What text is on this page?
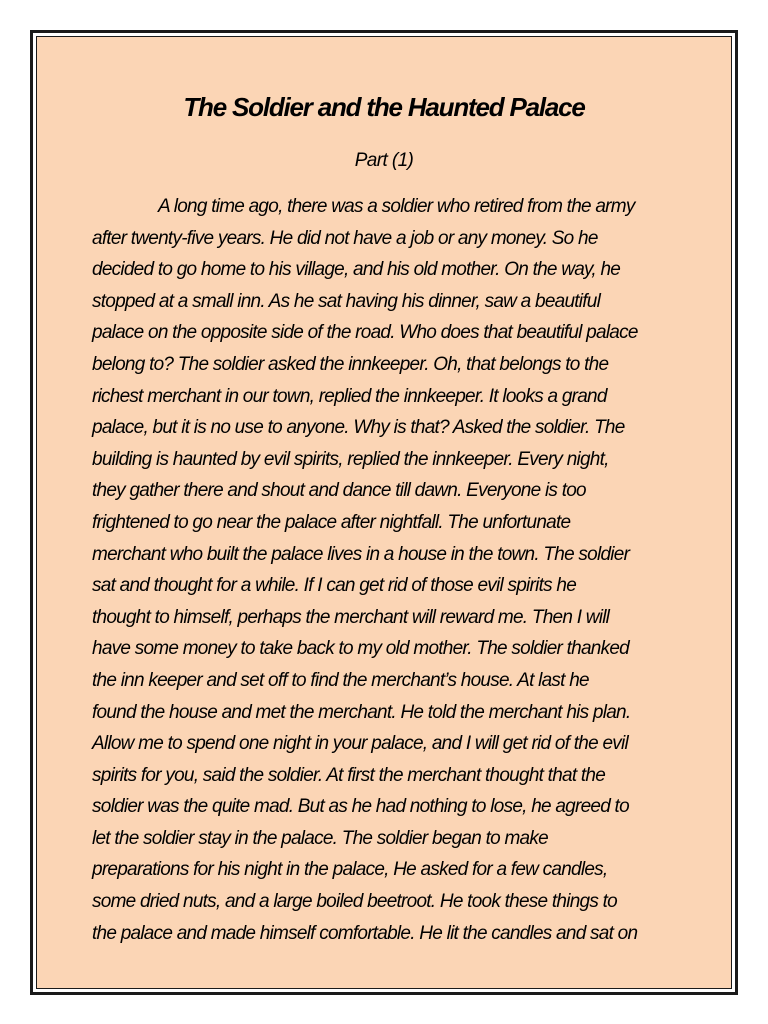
The Soldier and the Haunted Palace

Part (1)

A long time ago, there was a soldier who retired from the army
after twenty-five years. He did not have a job or any money. So he
decided to go home to his village, and his old mother. On the way, he
stopped at a small inn. As he sat having his dinner, saw a beautiful
palace on the opposite side of the road. Who does that beautiful palace
belong to? The soldier asked the innkeeper. Oh, that belongs to the
richest merchant in our town, replied the innkeeper. It looks a grand
palace, but it is no use to anyone. Why is that? Asked the soldier. The
building is haunted by evil spirits, replied the innkeeper. Every night,
they gather there and shout and dance till dawn. Everyone is too
frightened to go near the palace after nightfall. The unfortunate
merchant who built the palace lives in a house in the town. The soldier
sat and thought for a while. If I can get rid of those evil spirits he
thought to himself, perhaps the merchant will reward me. Then I will
have some money to take back to my old mother. The soldier thanked
the inn keeper and set off to find the merchant’s house. At last he
found the house and met the merchant. He told the merchant his plan.
Allow me to spend one night in your palace, and I will get rid of the evil
spirits for you, said the soldier. At first the merchant thought that the
soldier was the quite mad. But as he had nothing to lose, he agreed to
let the soldier stay in the palace. The soldier began to make
preparations for his night in the palace, He asked for a few candles,
some dried nuts, and a large boiled beetroot. He took these things to
the palace and made himself comfortable. He lit the candles and sat on
